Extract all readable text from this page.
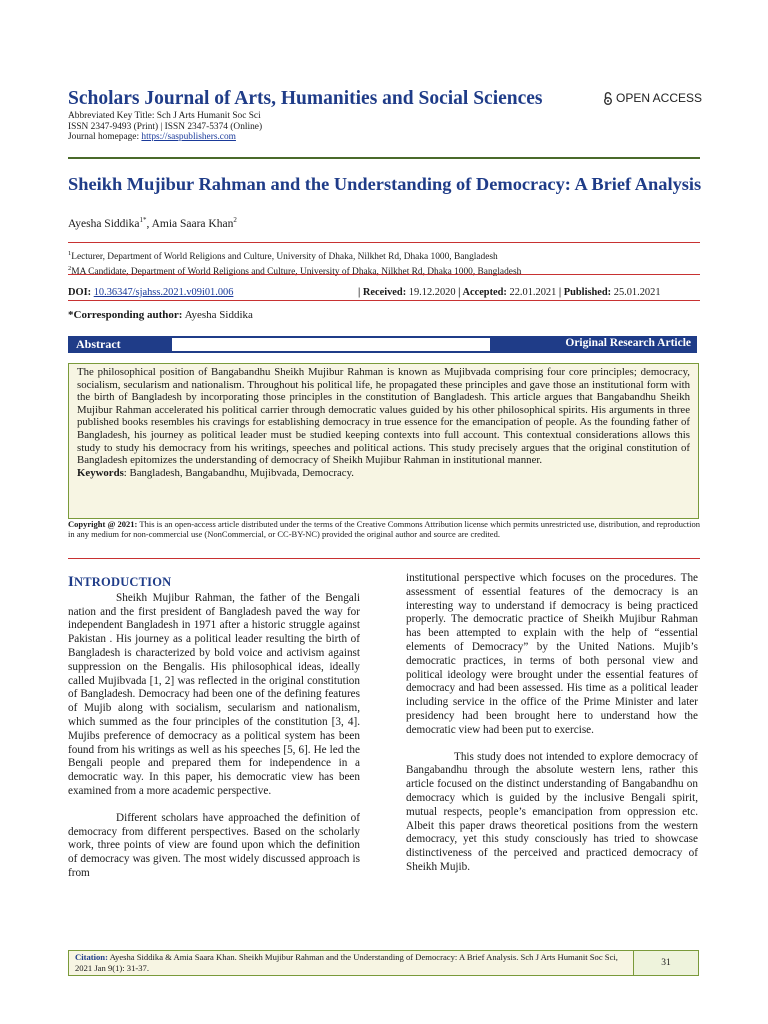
Scholars Journal of Arts, Humanities and Social Sciences	OPEN ACCESS
Abbreviated Key Title: Sch J Arts Humanit Soc Sci
ISSN 2347-9493 (Print) | ISSN 2347-5374 (Online)
Journal homepage: https://saspublishers.com
Sheikh Mujibur Rahman and the Understanding of Democracy: A Brief Analysis
Ayesha Siddika$^{1*}$, Amia Saara Khan$^2$
$^1$Lecturer, Department of World Religions and Culture, University of Dhaka, Nilkhet Rd, Dhaka 1000, Bangladesh
$^2$MA Candidate, Department of World Religions and Culture, University of Dhaka, Nilkhet Rd, Dhaka 1000, Bangladesh
DOI: 10.36347/sjahss.2021.v09i01.006	| Received: 19.12.2020 | Accepted: 22.01.2021 | Published: 25.01.2021
*Corresponding author: Ayesha Siddika
Abstract	Original Research Article

The philosophical position of Bangabandhu Sheikh Mujibur Rahman is known as Mujibvada comprising four core principles; democracy, socialism, secularism and nationalism. Throughout his political life, he propagated these principles and gave those an institutional form with the birth of Bangladesh by incorporating those principles in the constitution of Bangladesh. This article argues that Bangabandhu Sheikh Mujibur Rahman accelerated his political carrier through democratic values guided by his other philosophical spirits. His arguments in three published books resembles his cravings for establishing democracy in true essence for the emancipation of people. As the founding father of Bangladesh, his journey as political leader must be studied keeping contexts into full account. This contextual considerations allows this study to study his democracy from his writings, speeches and political actions. This study precisely argues that the original constitution of Bangladesh epitomizes the understanding of democracy of Sheikh Mujibur Rahman in institutional manner.

Keywords: Bangladesh, Bangabandhu, Mujibvada, Democracy.

Copyright @ 2021: This is an open-access article distributed under the terms of the Creative Commons Attribution license which permits unrestricted use, distribution, and reproduction in any medium for non-commercial use (NonCommercial, or CC-BY-NC) provided the original author and source are credited.
INTRODUCTION

Sheikh Mujibur Rahman, the father of the Bengali nation and the first president of Bangladesh paved the way for independent Bangladesh in 1971 after a historic struggle against Pakistan . His journey as a political leader resulting the birth of Bangladesh is characterized by bold voice and activism against suppression on the Bengalis. His philosophical ideas, ideally called Mujibvada [1, 2] was reflected in the original constitution of Bangladesh. Democracy had been one of the defining features of Mujib along with socialism, secularism and nationalism, which summed as the four principles of the constitution [3, 4]. Mujibs preference of democracy as a political system has been found from his writings as well as his speeches [5, 6]. He led the Bengali people and prepared them for independence in a democratic way. In this paper, his democratic view has been examined from a more academic perspective.

Different scholars have approached the definition of democracy from different perspectives. Based on the scholarly work, three points of view are found upon which the definition of democracy was given. The most widely discussed approach is from

institutional perspective which focuses on the procedures. The assessment of essential features of the democracy is an interesting way to understand if democracy is being practiced properly. The democratic practice of Sheikh Mujibur Rahman has been attempted to explain with the help of “essential elements of Democracy” by the United Nations. Mujib’s democratic practices, in terms of both personal view and political ideology were brought under the essential features of democracy and had been assessed. His time as a political leader including service in the office of the Prime Minister and later presidency had been brought here to understand how the democratic view had been put to exercise.

This study does not intended to explore democracy of Bangabandhu through the absolute western lens, rather this article focused on the distinct understanding of Bangabandhu on democracy which is guided by the inclusive Bengali spirit, mutual respects, people’s emancipation from oppression etc. Albeit this paper draws theoretical positions from the western democracy, yet this study consciously has tried to showcase distinctiveness of the perceived and practiced democracy of Sheikh Mujib.

Citation: Ayesha Siddika & Amia Saara Khan. Sheikh Mujibur Rahman and the Understanding of Democracy: A Brief Analysis. Sch J Arts Humanit Soc Sci, 2021 Jan 9(1): 31-37.	31
